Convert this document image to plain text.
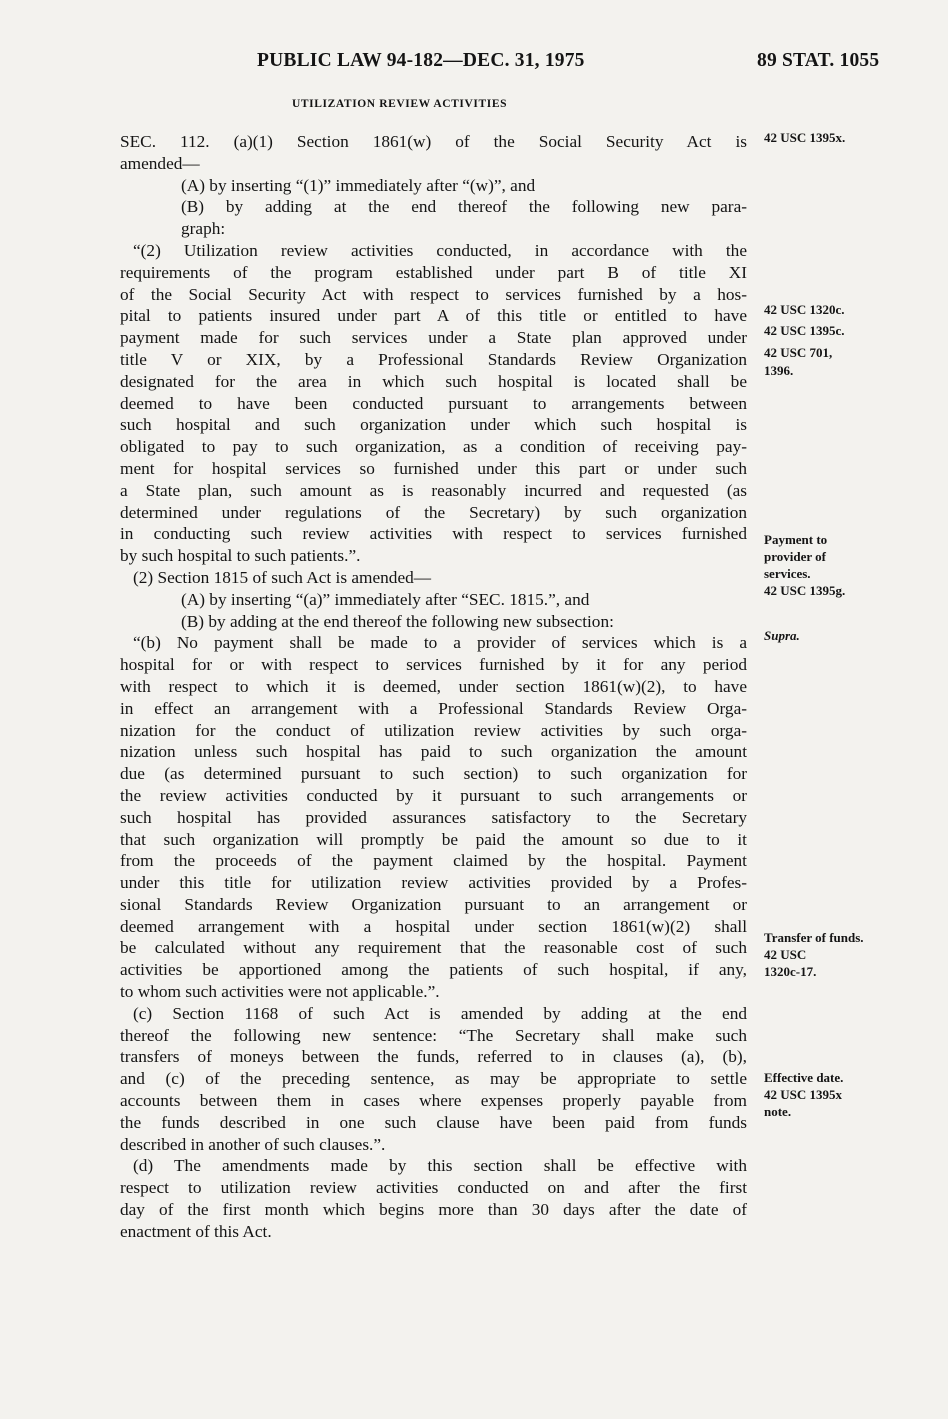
PUBLIC LAW 94-182—DEC. 31, 1975	89 STAT. 1055
UTILIZATION REVIEW ACTIVITIES
SEC. 112. (a)(1) Section 1861(w) of the Social Security Act is
amended—
(A) by inserting “(1)” immediately after “(w)”, and
(B) by adding at the end thereof the following new para-
graph:
“(2) Utilization review activities conducted, in accordance with the
requirements of the program established under part B of title XI
of the Social Security Act with respect to services furnished by a hos-
pital to patients insured under part A of this title or entitled to have
payment made for such services under a State plan approved under
title V or XIX, by a Professional Standards Review Organization
designated for the area in which such hospital is located shall be
deemed to have been conducted pursuant to arrangements between
such hospital and such organization under which such hospital is
obligated to pay to such organization, as a condition of receiving pay-
ment for hospital services so furnished under this part or under such
a State plan, such amount as is reasonably incurred and requested (as
determined under regulations of the Secretary) by such organization
in conducting such review activities with respect to services furnished
by such hospital to such patients.”.
(2) Section 1815 of such Act is amended—
(A) by inserting “(a)” immediately after “SEC. 1815.”, and
(B) by adding at the end thereof the following new subsection:
“(b) No payment shall be made to a provider of services which is a
hospital for or with respect to services furnished by it for any period
with respect to which it is deemed, under section 1861(w)(2), to have
in effect an arrangement with a Professional Standards Review Orga-
nization for the conduct of utilization review activities by such orga-
nization unless such hospital has paid to such organization the amount
due (as determined pursuant to such section) to such organization for
the review activities conducted by it pursuant to such arrangements or
such hospital has provided assurances satisfactory to the Secretary
that such organization will promptly be paid the amount so due to it
from the proceeds of the payment claimed by the hospital. Payment
under this title for utilization review activities provided by a Profes-
sional Standards Review Organization pursuant to an arrangement or
deemed arrangement with a hospital under section 1861(w)(2) shall
be calculated without any requirement that the reasonable cost of such
activities be apportioned among the patients of such hospital, if any,
to whom such activities were not applicable.”.
(c) Section 1168 of such Act is amended by adding at the end
thereof the following new sentence: “The Secretary shall make such
transfers of moneys between the funds, referred to in clauses (a), (b),
and (c) of the preceding sentence, as may be appropriate to settle
accounts between them in cases where expenses properly payable from
the funds described in one such clause have been paid from funds
described in another of such clauses.”.
(d) The amendments made by this section shall be effective with
respect to utilization review activities conducted on and after the first
day of the first month which begins more than 30 days after the date of
enactment of this Act.
42 USC 1395x.
42 USC 1320c.
42 USC 1395c.
42 USC 701,
1396.
Payment to
provider of
services.
42 USC 1395g.
Supra.
Transfer of funds.
42 USC
1320c-17.
Effective date.
42 USC 1395x
note.
